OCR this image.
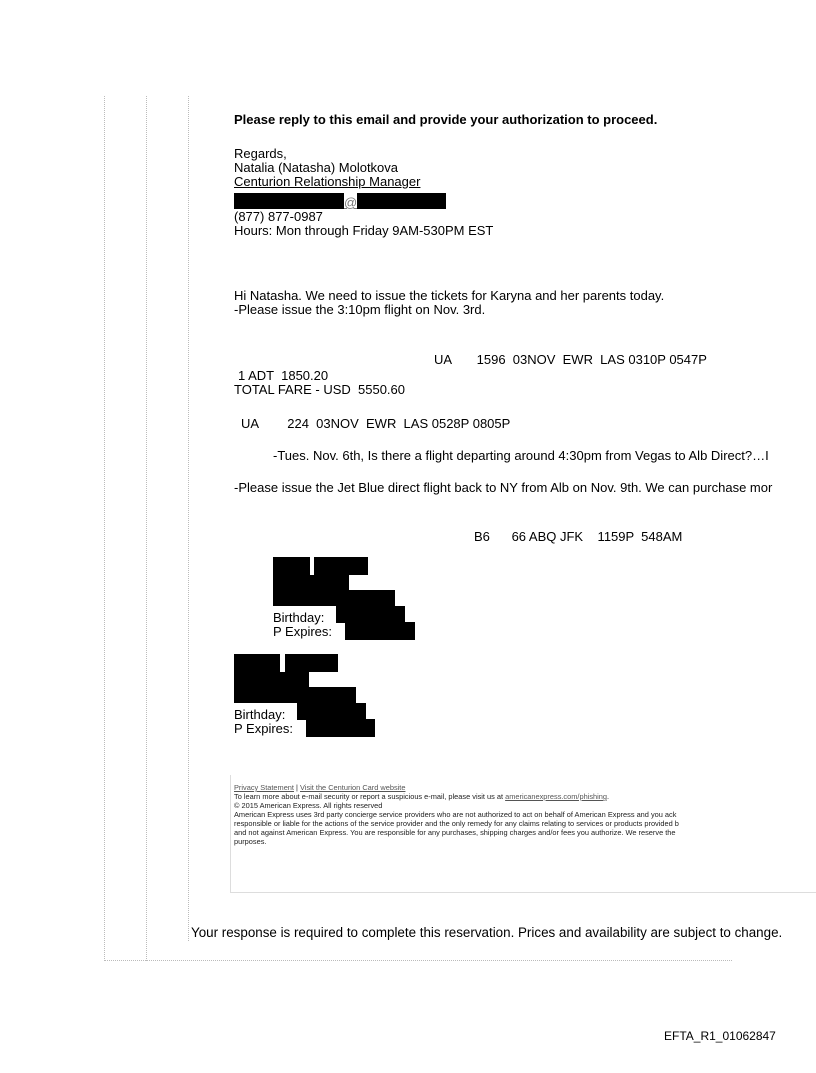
Please reply to this email and provide your authorization to proceed.
Regards,
Natalia (Natasha) Molotkova
Centurion Relationship Manager
@
(877) 877-0987
Hours: Mon through Friday 9AM-530PM EST
Hi Natasha. We need to issue the tickets for Karyna and her parents today.
-Please issue the 3:10pm flight on Nov. 3rd.
UA       1596  03NOV  EWR  LAS 0310P 0547P
1 ADT  1850.20
TOTAL FARE - USD  5550.60
UA        224  03NOV  EWR  LAS 0528P 0805P
-Tues. Nov. 6th, Is there a flight departing around 4:30pm from Vegas to Alb Direct?…I
-Please issue the Jet Blue direct flight back to NY from Alb on Nov. 9th. We can purchase mor
B6      66 ABQ JFK    1159P  548AM
Birthday:
P Expires:
Birthday:
P Expires:
Privacy Statement | Visit the Centurion Card website
To learn more about e-mail security or report a suspicious e-mail, please visit us at americanexpress.com/phishing.
© 2015 American Express. All rights reserved
American Express uses 3rd party concierge service providers who are not authorized to act on behalf of American Express and you ack
responsible or liable for the actions of the service provider and the only remedy for any claims relating to services or products provided b
and not against American Express. You are responsible for any purchases, shipping charges and/or fees you authorize. We reserve the
purposes.
Your response is required to complete this reservation. Prices and availability are subject to change.
EFTA_R1_01062847
